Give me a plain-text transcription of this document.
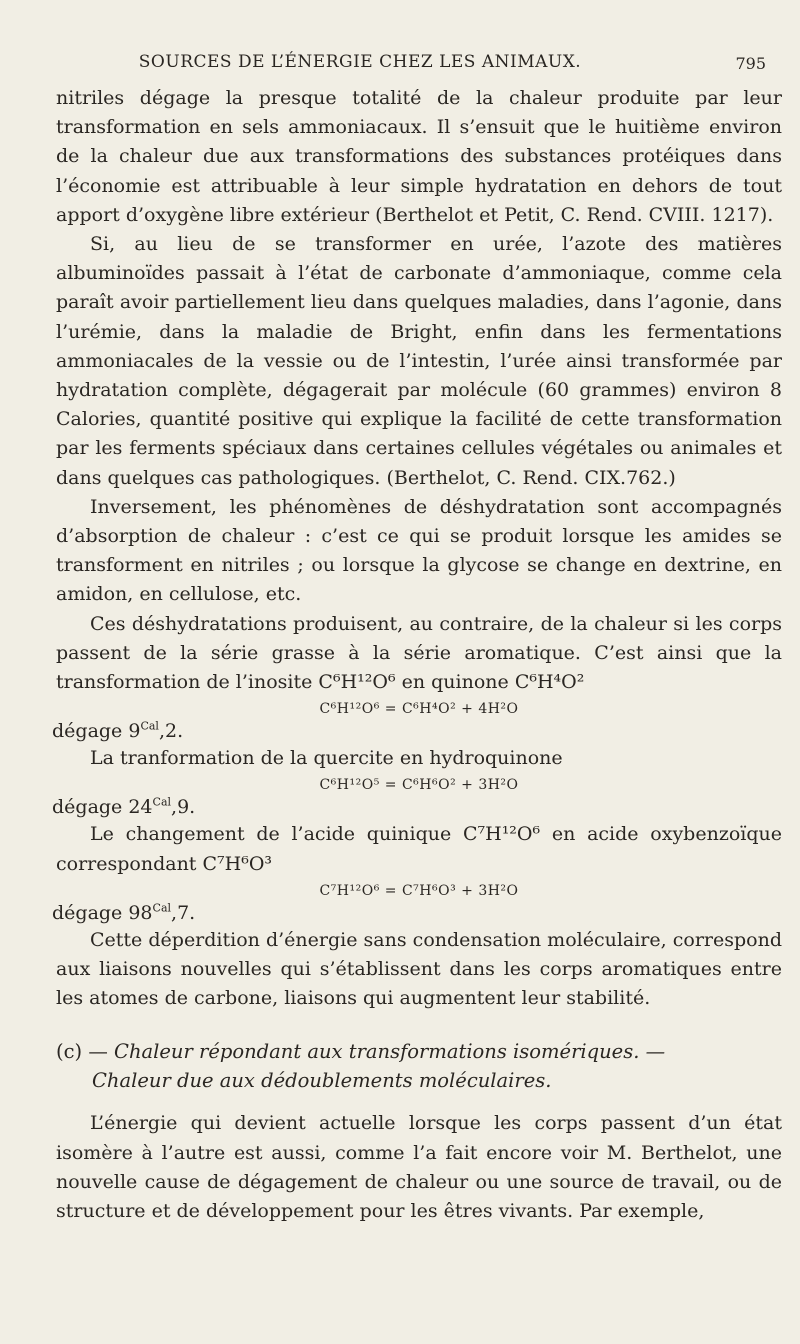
SOURCES DE L’ÉNERGIE CHEZ LES ANIMAUX.	795

nitriles dégage la presque totalité de la chaleur produite par leur transformation en sels ammoniacaux. Il s’ensuit que le huitième environ de la chaleur due aux transformations des substances protéiques dans l’économie est attribuable à leur simple hydratation en dehors de tout apport d’oxygène libre extérieur (Berthelot et Petit, C. Rend. CVIII. 1217).

Si, au lieu de se transformer en urée, l’azote des matières albuminoïdes passait à l’état de carbonate d’ammoniaque, comme cela paraît avoir partiellement lieu dans quelques maladies, dans l’agonie, dans l’urémie, dans la maladie de Bright, enfin dans les fermentations ammoniacales de la vessie ou de l’intestin, l’urée ainsi transformée par hydratation complète, dégagerait par molécule (60 grammes) environ 8 Calories, quantité positive qui explique la facilité de cette transformation par les ferments spéciaux dans certaines cellules végétales ou animales et dans quelques cas pathologiques. (Berthelot, C. Rend. CIX.762.)

Inversement, les phénomènes de déshydratation sont accompagnés d’absorption de chaleur : c’est ce qui se produit lorsque les amides se transforment en nitriles ; ou lorsque la glycose se change en dextrine, en amidon, en cellulose, etc.

Ces déshydratations produisent, au contraire, de la chaleur si les corps passent de la série grasse à la série aromatique. C’est ainsi que la transformation de l’inosite C⁶H¹²O⁶ en quinone C⁶H⁴O²

C⁶H¹²O⁶ = C⁶H⁴O² + 4H²O

dégage $9^{Cal},2$.

La tranformation de la quercite en hydroquinone

C⁶H¹²O⁵ = C⁶H⁶O² + 3H²O

dégage $24^{Cal},9$.

Le changement de l’acide quinique C⁷H¹²O⁶ en acide oxybenzoïque correspondant C⁷H⁶O³

C⁷H¹²O⁶ = C⁷H⁶O³ + 3H²O

dégage $98^{Cal},7$.

Cette déperdition d’énergie sans condensation moléculaire, correspond aux liaisons nouvelles qui s’établissent dans les corps aromatiques entre les atomes de carbone, liaisons qui augmentent leur stabilité.

(c) — Chaleur répondant aux transformations isomériques. —
Chaleur due aux dédoublements moléculaires.

L’énergie qui devient actuelle lorsque les corps passent d’un état isomère à l’autre est aussi, comme l’a fait encore voir M. Berthelot, une nouvelle cause de dégagement de chaleur ou une source de travail, ou de structure et de développement pour les êtres vivants. Par exemple,
